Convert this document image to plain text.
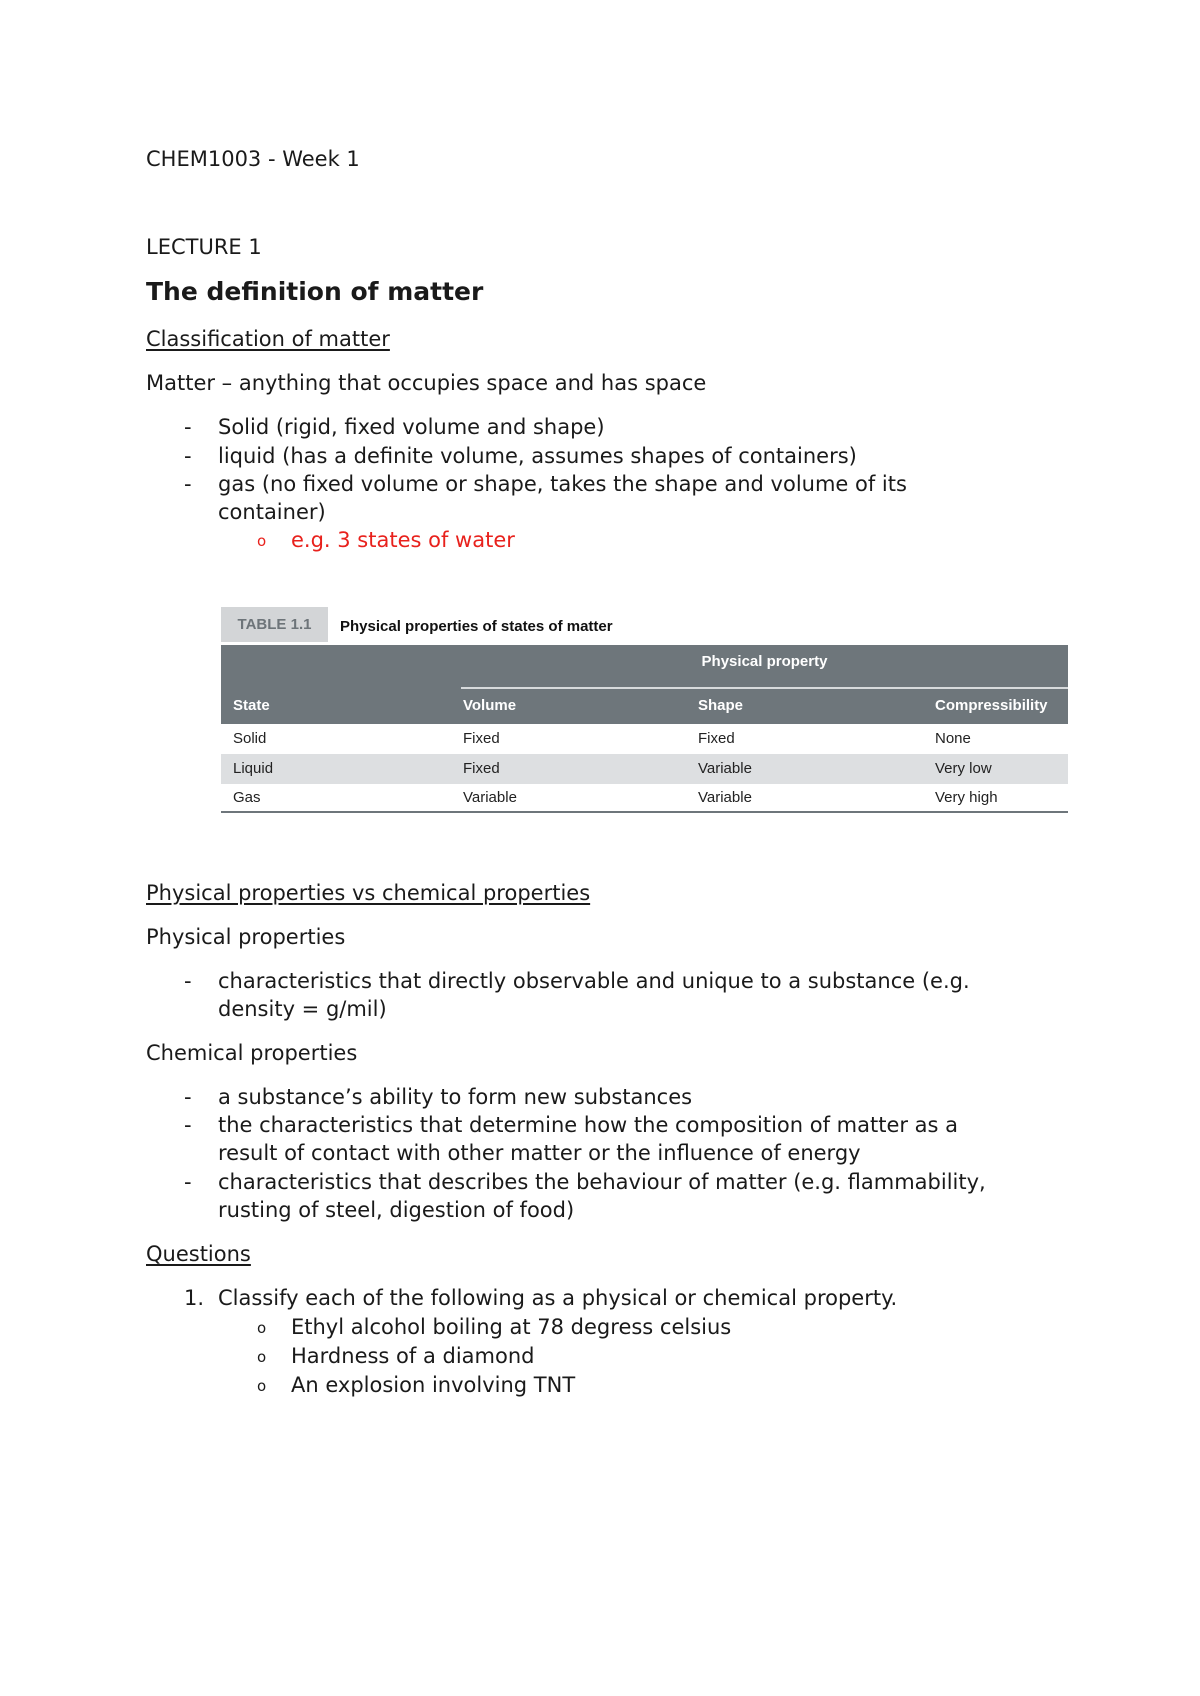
CHEM1003 - Week 1
LECTURE 1
The definition of matter
Classification of matter
Matter – anything that occupies space and has space
-	Solid (rigid, fixed volume and shape)
-	liquid (has a definite volume, assumes shapes of containers)
-	gas (no fixed volume or shape, takes the shape and volume of its
container)
o e.g. 3 states of water
TABLE 1.1	Physical properties of states of matter
Physical property
State	Volume	Shape	Compressibility
Solid	Fixed	Fixed	None
Liquid	Fixed	Variable	Very low
Gas	Variable	Variable	Very high
Physical properties vs chemical properties
Physical properties
-	characteristics that directly observable and unique to a substance (e.g.
density = g/mil)
Chemical properties
-	a substance’s ability to form new substances
-	the characteristics that determine how the composition of matter as a
result of contact with other matter or the influence of energy
-	characteristics that describes the behaviour of matter (e.g. flammability,
rusting of steel, digestion of food)
Questions
1. Classify each of the following as a physical or chemical property.
o Ethyl alcohol boiling at 78 degress celsius
o Hardness of a diamond
o An explosion involving TNT
